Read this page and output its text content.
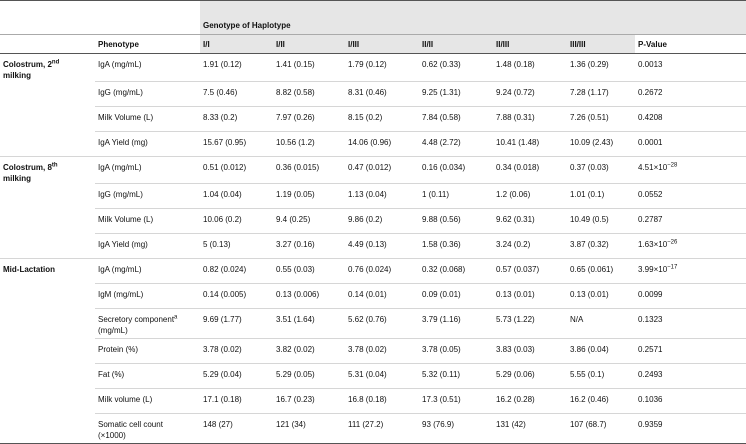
		Genotype of Haplotype						
	Phenotype	I/I	I/II	I/III	II/II	II/III	III/III	P-Value
Colostrum, 2nd
milking	IgA (mg/mL)	1.91 (0.12)	1.41 (0.15)	1.79 (0.12)	0.62 (0.33)	1.48 (0.18)	1.36 (0.29)	0.0013
	IgG (mg/mL)	7.5 (0.46)	8.82 (0.58)	8.31 (0.46)	9.25 (1.31)	9.24 (0.72)	7.28 (1.17)	0.2672
	Milk Volume (L)	8.33 (0.2)	7.97 (0.26)	8.15 (0.2)	7.84 (0.58)	7.88 (0.31)	7.26 (0.51)	0.4208
	IgA Yield (mg)	15.67 (0.95)	10.56 (1.2)	14.06 (0.96)	4.48 (2.72)	10.41 (1.48)	10.09 (2.43)	0.0001
Colostrum, 8th
milking	IgA (mg/mL)	0.51 (0.012)	0.36 (0.015)	0.47 (0.012)	0.16 (0.034)	0.34 (0.018)	0.37 (0.03)	$4.51\times 10^{-28}$
	IgG (mg/mL)	1.04 (0.04)	1.19 (0.05)	1.13 (0.04)	1 (0.11)	1.2 (0.06)	1.01 (0.1)	0.0552
	Milk Volume (L)	10.06 (0.2)	9.4 (0.25)	9.86 (0.2)	9.88 (0.56)	9.62 (0.31)	10.49 (0.5)	0.2787
	IgA Yield (mg)	5 (0.13)	3.27 (0.16)	4.49 (0.13)	1.58 (0.36)	3.24 (0.2)	3.87 (0.32)	$1.63\times 10^{-26}$
Mid-Lactation	IgA (mg/mL)	0.82 (0.024)	0.55 (0.03)	0.76 (0.024)	0.32 (0.068)	0.57 (0.037)	0.65 (0.061)	$3.99\times 10^{-17}$
	IgM (mg/mL)	0.14 (0.005)	0.13 (0.006)	0.14 (0.01)	0.09 (0.01)	0.13 (0.01)	0.13 (0.01)	0.0099
	Secretory component$^a$
(mg/mL)	9.69 (1.77)	3.51 (1.64)	5.62 (0.76)	3.79 (1.16)	5.73 (1.22)	N/A	0.1323
	Protein (%)	3.78 (0.02)	3.82 (0.02)	3.78 (0.02)	3.78 (0.05)	3.83 (0.03)	3.86 (0.04)	0.2571
	Fat (%)	5.29 (0.04)	5.29 (0.05)	5.31 (0.04)	5.32 (0.11)	5.29 (0.06)	5.55 (0.1)	0.2493
	Milk volume (L)	17.1 (0.18)	16.7 (0.23)	16.8 (0.18)	17.3 (0.51)	16.2 (0.28)	16.2 (0.46)	0.1036
	Somatic cell count
(×1000)	148 (27)	121 (34)	111 (27.2)	93 (76.9)	131 (42)	107 (68.7)	0.9359
